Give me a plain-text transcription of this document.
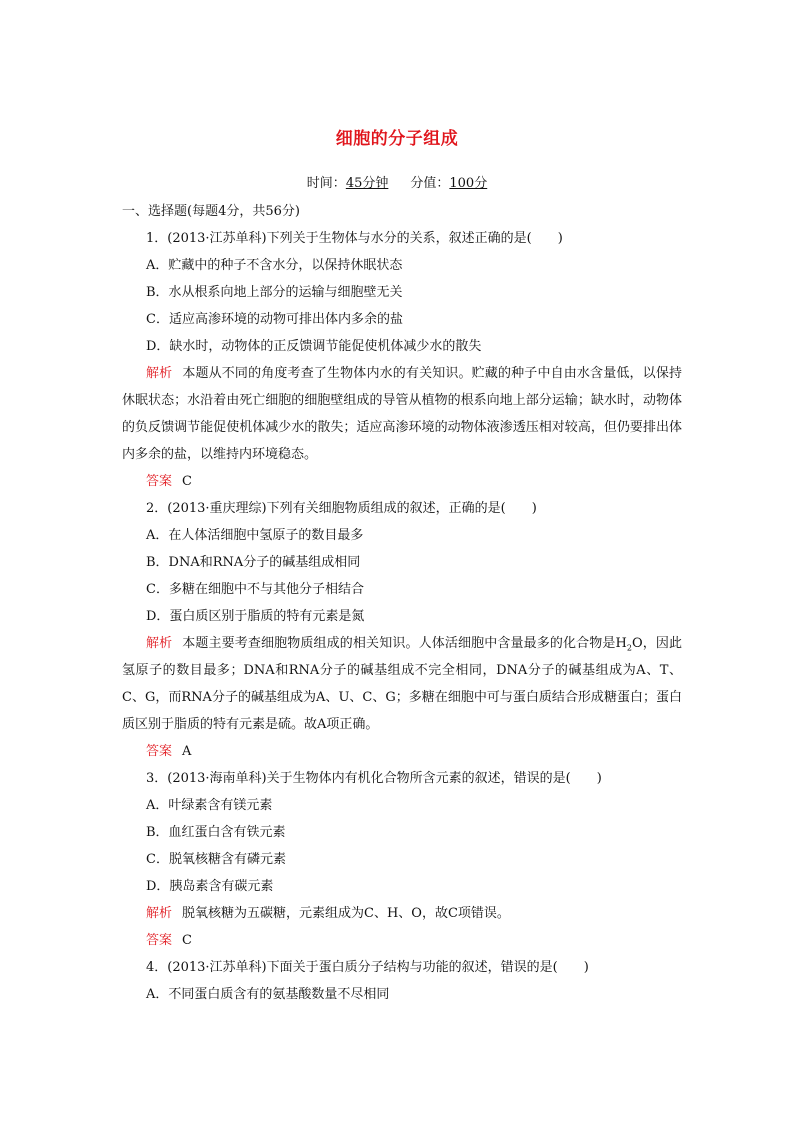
细胞的分子组成
时间：45分钟 分值：100分
一、选择题(每题4分，共56分)
1．(2013·江苏单科)下列关于生物体与水分的关系，叙述正确的是( )
A．贮藏中的种子不含水分，以保持休眠状态
B．水从根系向地上部分的运输与细胞壁无关
C．适应高渗环境的动物可排出体内多余的盐
D．缺水时，动物体的正反馈调节能促使机体减少水的散失
解析 本题从不同的角度考查了生物体内水的有关知识。贮藏的种子中自由水含量低，以保持休眠状态；水沿着由死亡细胞的细胞壁组成的导管从植物的根系向地上部分运输；缺水时，动物体的负反馈调节能促使机体减少水的散失；适应高渗环境的动物体液渗透压相对较高，但仍要排出体内多余的盐，以维持内环境稳态。
答案 C
2．(2013·重庆理综)下列有关细胞物质组成的叙述，正确的是( )
A．在人体活细胞中氢原子的数目最多
B．DNA和RNA分子的碱基组成相同
C．多糖在细胞中不与其他分子相结合
D．蛋白质区别于脂质的特有元素是氮
解析 本题主要考查细胞物质组成的相关知识。人体活细胞中含量最多的化合物是$H_2O$，因此氢原子的数目最多；DNA和RNA分子的碱基组成不完全相同，DNA分子的碱基组成为A、T、C、G，而RNA分子的碱基组成为A、U、C、G；多糖在细胞中可与蛋白质结合形成糖蛋白；蛋白质区别于脂质的特有元素是硫。故A项正确。
答案 A
3．(2013·海南单科)关于生物体内有机化合物所含元素的叙述，错误的是( )
A．叶绿素含有镁元素
B．血红蛋白含有铁元素
C．脱氧核糖含有磷元素
D．胰岛素含有碳元素
解析 脱氧核糖为五碳糖，元素组成为C、H、O，故C项错误。
答案 C
4．(2013·江苏单科)下面关于蛋白质分子结构与功能的叙述，错误的是( )
A．不同蛋白质含有的氨基酸数量不尽相同
